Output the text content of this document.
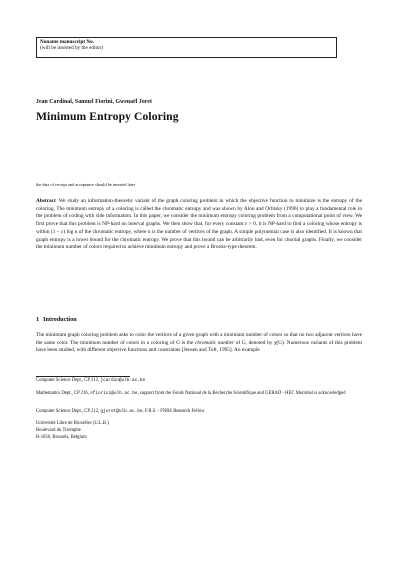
Noname manuscript No.
(will be inserted by the editor)
Jean Cardinal, Samuel Fiorini, Gwenaël Joret
Minimum Entropy Coloring
the date of receipt and acceptance should be inserted later

Abstract We study an information-theoretic variant of the graph coloring problem in which the objective function to minimize is the entropy of the coloring. The minimum entropy of a coloring is called the chromatic entropy and was shown by Alon and Orlitsky (1996) to play a fundamental role in the problem of coding with side information. In this paper, we consider the minimum entropy coloring problem from a computational point of view. We first prove that this problem is NP-hard on interval graphs. We then show that, for every constant ε > 0, it is NP-hard to find a coloring whose entropy is within (1 − ε) log n of the chromatic entropy, where n is the number of vertices of the graph. A simple polynomial case is also identified. It is known that graph entropy is a lower bound for the chromatic entropy. We prove that this bound can be arbitrarily bad, even for chordal graphs. Finally, we consider the minimum number of colors required to achieve minimum entropy and prove a Brooks-type theorem.

1 Introduction

The minimum graph coloring problem asks to color the vertices of a given graph with a minimum number of colors so that no two adjacent vertices have the same color. The minimum number of colors in a coloring of G is the chromatic number of G, denoted by χ(G). Numerous variants of this problem have been studied, with different objective functions and constraints [Jensen and Toft, 1995]. An example

Computer Science Dept., CP 212, jcardin@ulb.ac.be
Mathematics Dept., CP 216, sfiorini@ulb.ac.be, support from the Fonds National de la Recherche Scientifique and GERAD - HEC Montréal is acknowledged
Computer Science Dept., CP 212, gjoret@ulb.ac.be, F.R.S. - FNRS Research Fellow
Université Libre de Bruxelles (U.L.B.)
Boulevard du Triomphe
B-1050, Brussels, Belgium
